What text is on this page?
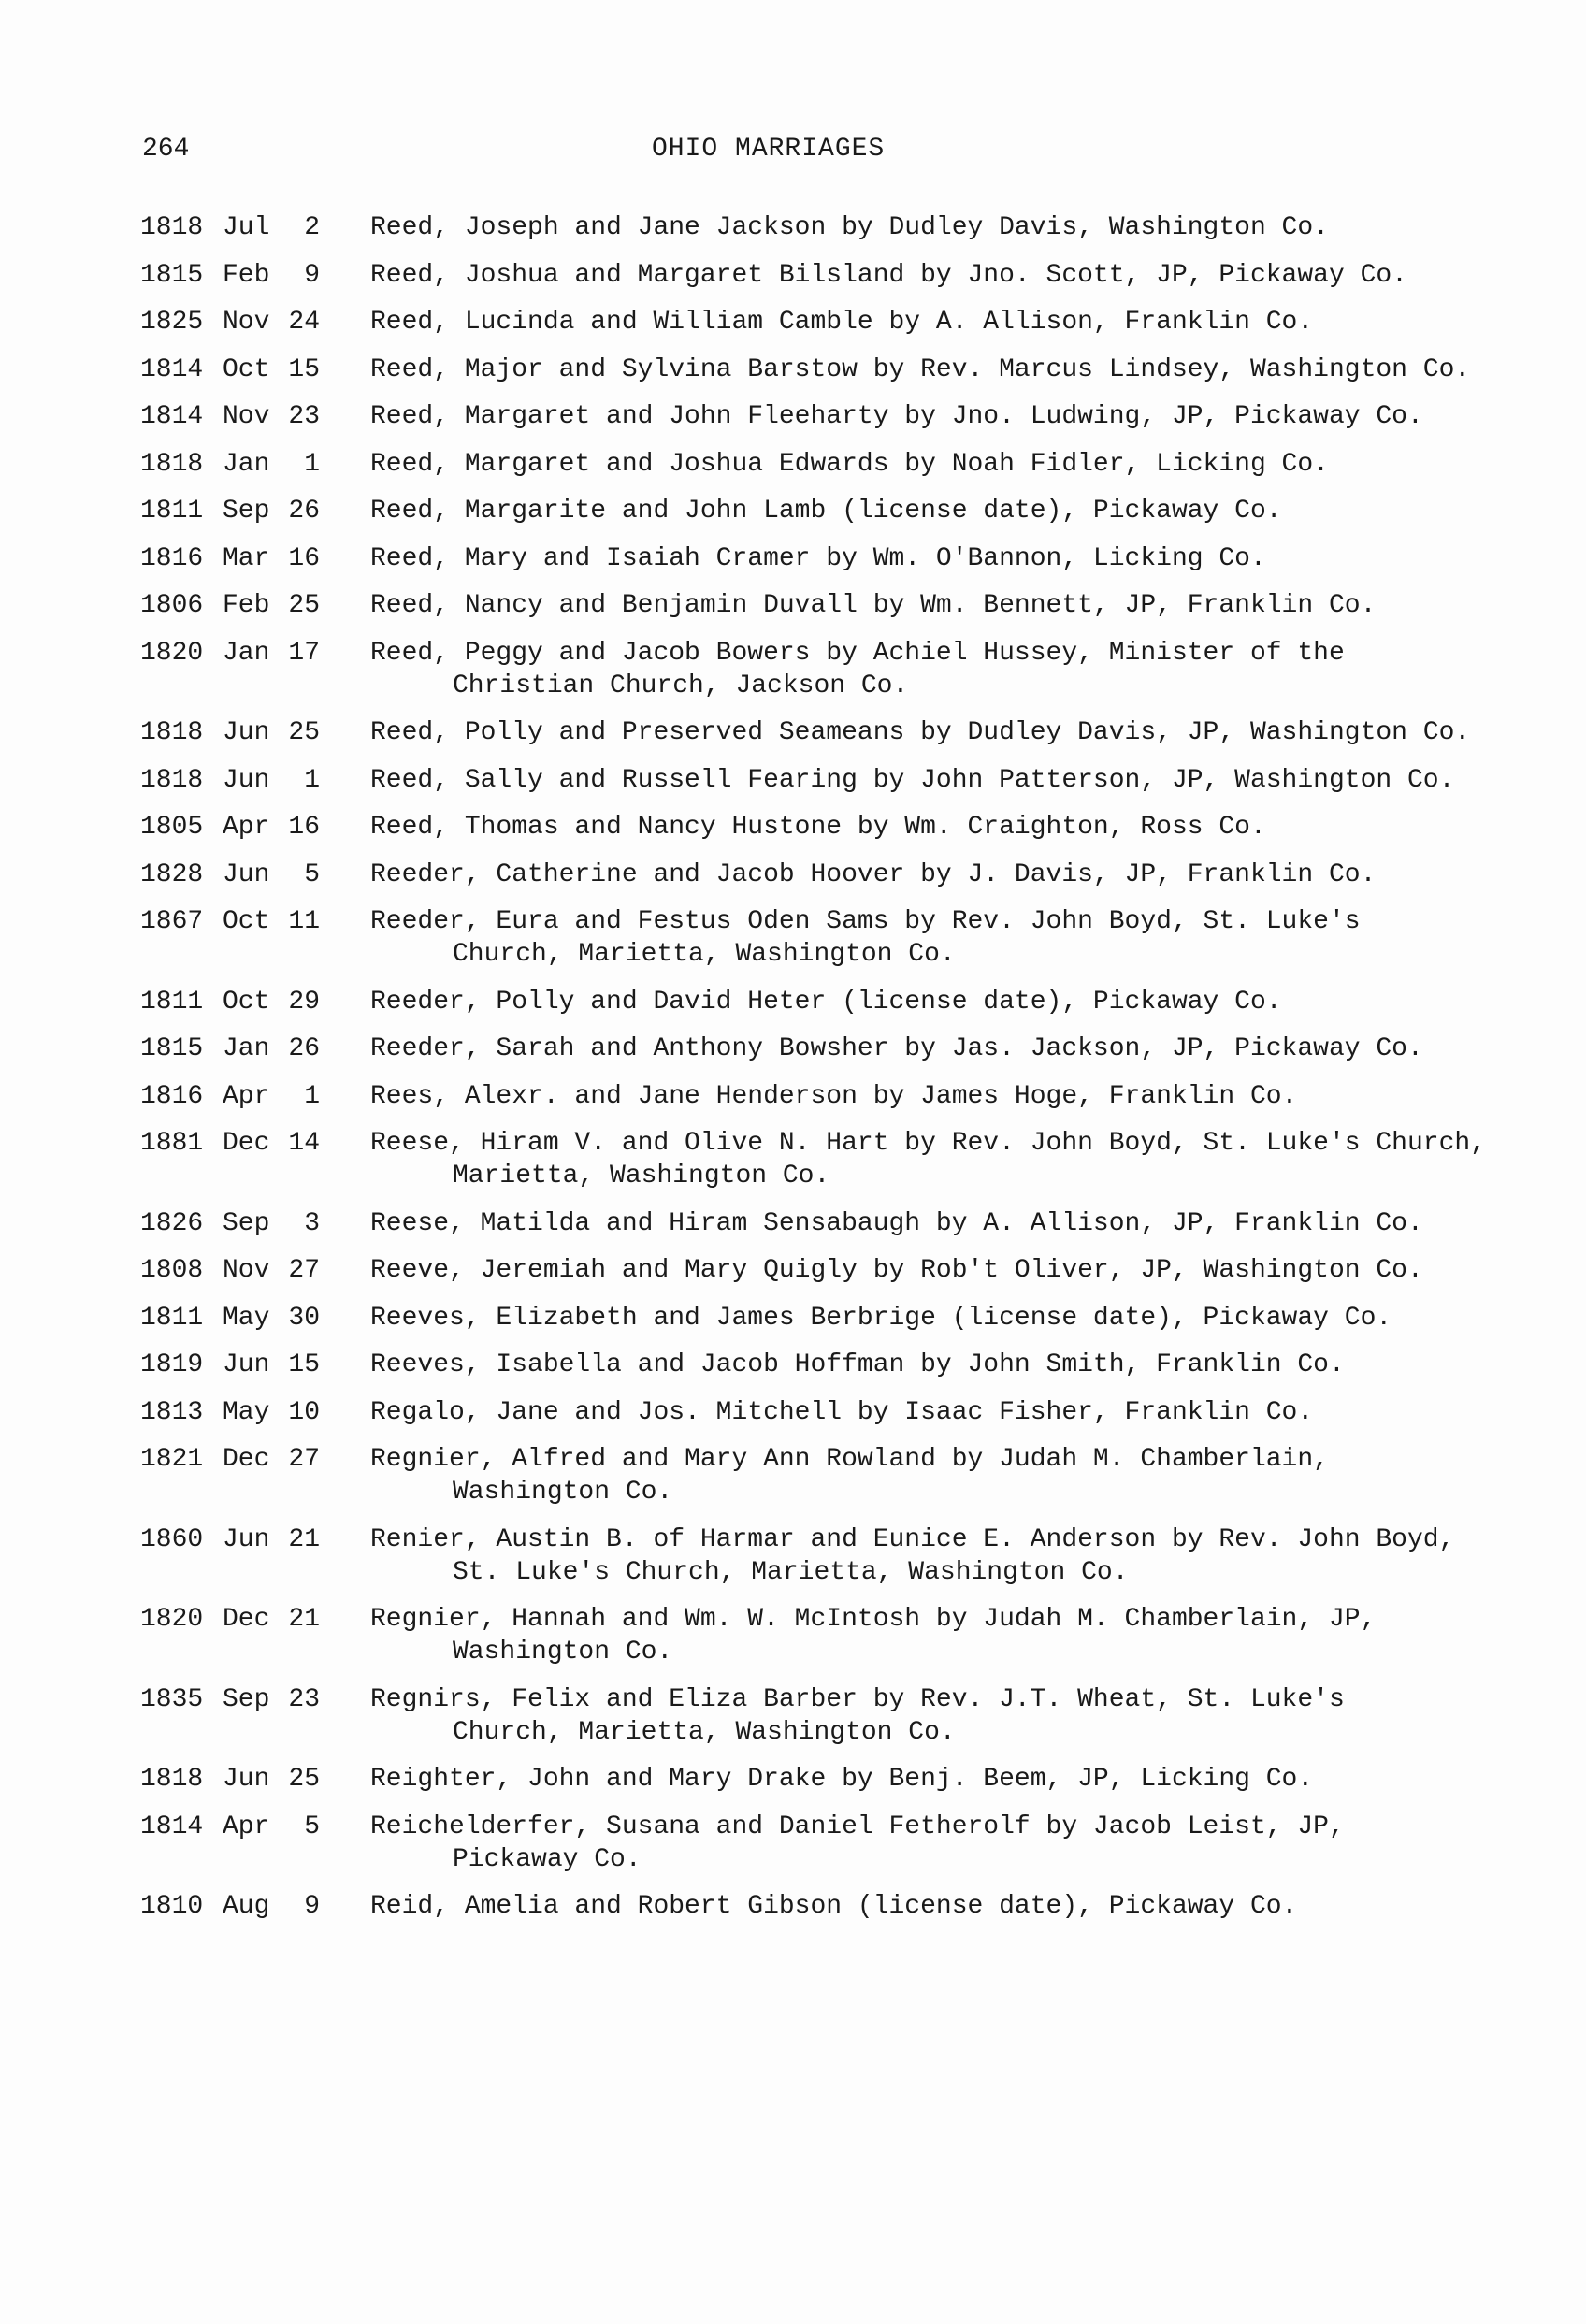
264	OHIO MARRIAGES
1818 Jul	2 Reed, Joseph and Jane Jackson by Dudley Davis, Washington Co.
1815 Feb	9 Reed, Joshua and Margaret Bilsland by Jno. Scott, JP, Pickaway Co.
1825 Nov 24 Reed, Lucinda and William Camble by A. Allison, Franklin Co.
1814 Oct 15 Reed, Major and Sylvina Barstow by Rev. Marcus Lindsey, Washington Co.
1814 Nov 23 Reed, Margaret and John Fleeharty by Jno. Ludwing, JP, Pickaway Co.
1818 Jan	1 Reed, Margaret and Joshua Edwards by Noah Fidler, Licking Co.
1811 Sep 26 Reed, Margarite and John Lamb (license date), Pickaway Co.
1816 Mar 16 Reed, Mary and Isaiah Cramer by Wm. O'Bannon, Licking Co.
1806 Feb 25 Reed, Nancy and Benjamin Duvall by Wm. Bennett, JP, Franklin Co.
1820 Jan 17 Reed, Peggy and Jacob Bowers by Achiel Hussey, Minister of the
Christian Church, Jackson Co.
1818 Jun 25 Reed, Polly and Preserved Seameans by Dudley Davis, JP, Washington Co.
1818 Jun	1 Reed, Sally and Russell Fearing by John Patterson, JP, Washington Co.
1805 Apr 16 Reed, Thomas and Nancy Hustone by Wm. Craighton, Ross Co.
1828 Jun	5 Reeder, Catherine and Jacob Hoover by J. Davis, JP, Franklin Co.
1867 Oct 11 Reeder, Eura and Festus Oden Sams by Rev. John Boyd, St. Luke's
Church, Marietta, Washington Co.
1811 Oct 29 Reeder, Polly and David Heter (license date), Pickaway Co.
1815 Jan 26 Reeder, Sarah and Anthony Bowsher by Jas. Jackson, JP, Pickaway Co.
1816 Apr	1 Rees, Alexr. and Jane Henderson by James Hoge, Franklin Co.
1881 Dec 14 Reese, Hiram V. and Olive N. Hart by Rev. John Boyd, St. Luke's Church,
Marietta, Washington Co.
1826 Sep	3 Reese, Matilda and Hiram Sensabaugh by A. Allison, JP, Franklin Co.
1808 Nov 27 Reeve, Jeremiah and Mary Quigly by Rob't Oliver, JP, Washington Co.
1811 May 30 Reeves, Elizabeth and James Berbrige (license date), Pickaway Co.
1819 Jun 15 Reeves, Isabella and Jacob Hoffman by John Smith, Franklin Co.
1813 May 10 Regalo, Jane and Jos. Mitchell by Isaac Fisher, Franklin Co.
1821 Dec 27 Regnier, Alfred and Mary Ann Rowland by Judah M. Chamberlain,
Washington Co.
1860 Jun 21 Renier, Austin B. of Harmar and Eunice E. Anderson by Rev. John Boyd,
St. Luke's Church, Marietta, Washington Co.
1820 Dec 21 Regnier, Hannah and Wm. W. McIntosh by Judah M. Chamberlain, JP,
Washington Co.
1835 Sep 23 Regnirs, Felix and Eliza Barber by Rev. J.T. Wheat, St. Luke's
Church, Marietta, Washington Co.
1818 Jun 25 Reighter, John and Mary Drake by Benj. Beem, JP, Licking Co.
1814 Apr	5 Reichelderfer, Susana and Daniel Fetherolf by Jacob Leist, JP,
Pickaway Co.
1810 Aug	9 Reid, Amelia and Robert Gibson (license date), Pickaway Co.
